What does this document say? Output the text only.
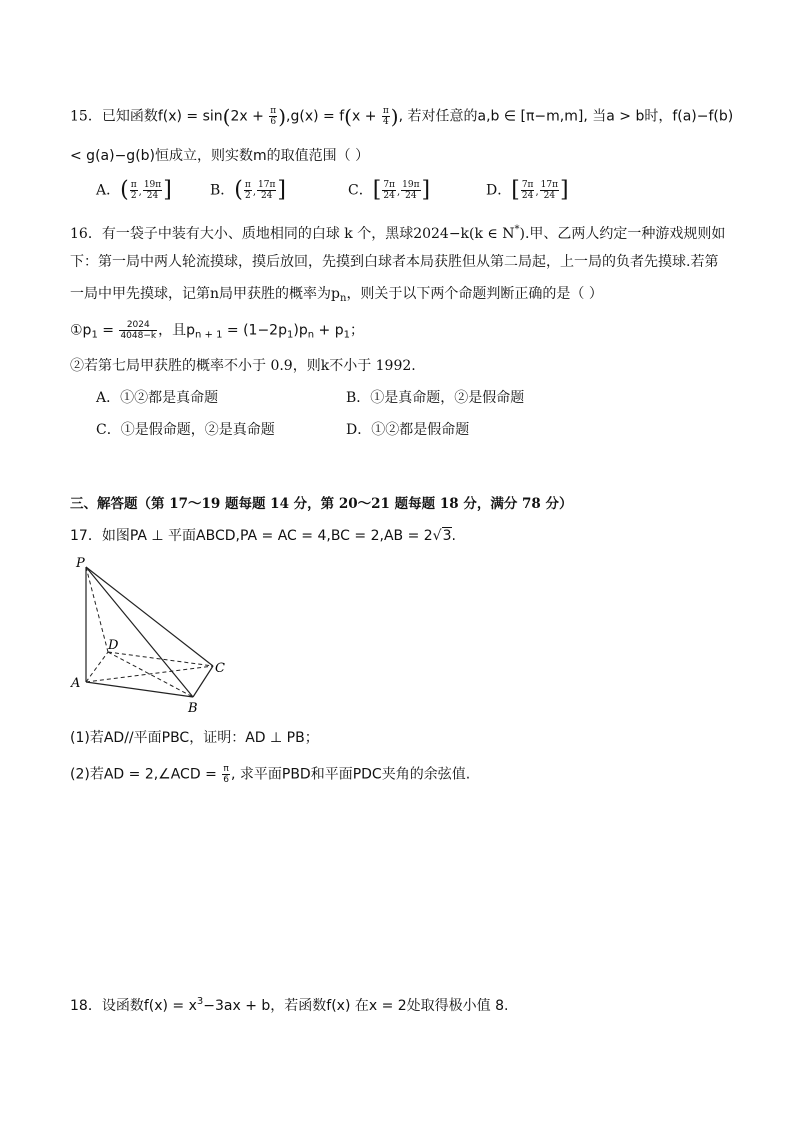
15．已知函数$f(x) = \sin(2x + \frac{\pi}{6} ),g(x) = f(x + \frac{\pi}{4}$ ), 若对任意的a,b ∈ [π−m,m], 当a > b时，f(a)−f(b)
< g(a)−g(b)恒成立，则实数m的取值范围（ ）
A．( $\frac{\pi}{2}$ , $\frac{19\pi}{24}$ ]	B．( $\frac{\pi}{2}$ , $\frac{17\pi}{24}$ ]	C．[ $\frac{7\pi}{24}$ , $\frac{19\pi}{24}$ ]	D．[ $\frac{7\pi}{24}$ , $\frac{17\pi}{24}$ ]
16．有一袋子中装有大小、质地相同的白球 k 个，黑球2024−k(k ∈ N*).甲、乙两人约定一种游戏规则如
下：第一局中两人轮流摸球，摸后放回，先摸到白球者本局获胜但从第二局起，上一局的负者先摸球.若第
一局中甲先摸球，记第n局甲获胜的概率为$p_n$，则关于以下两个命题判断正确的是（ ）
$①p_1 = \frac{2024}{4048-k}$ ，且$p_{n + 1} = (1-2p_1)p_n + p_1$；
②若第七局甲获胜的概率不小于 0.9，则k不小于 1992.
A．①②都是真命题	B．①是真命题，②是假命题
C．①是假命题，②是真命题	D．①②都是假命题
三、解答题（第 17～19 题每题 14 分，第 20～21 题每题 18 分，满分 78 分）
17．如图PA ⊥ 平面ABCD,PA = AC = 4,BC = 2,AB = 2√3.
P
D
C
A
B
(1)若AD//平面PBC，证明：AD ⊥ PB；
(2)若AD = 2,∠ACD = $\frac{\pi}{6}$ , 求平面PBD和平面PDC夹角的余弦值.
18．设函数$f(x) = x^3-3ax + b$，若函数f(x) 在x = 2处取得极小值 8.
